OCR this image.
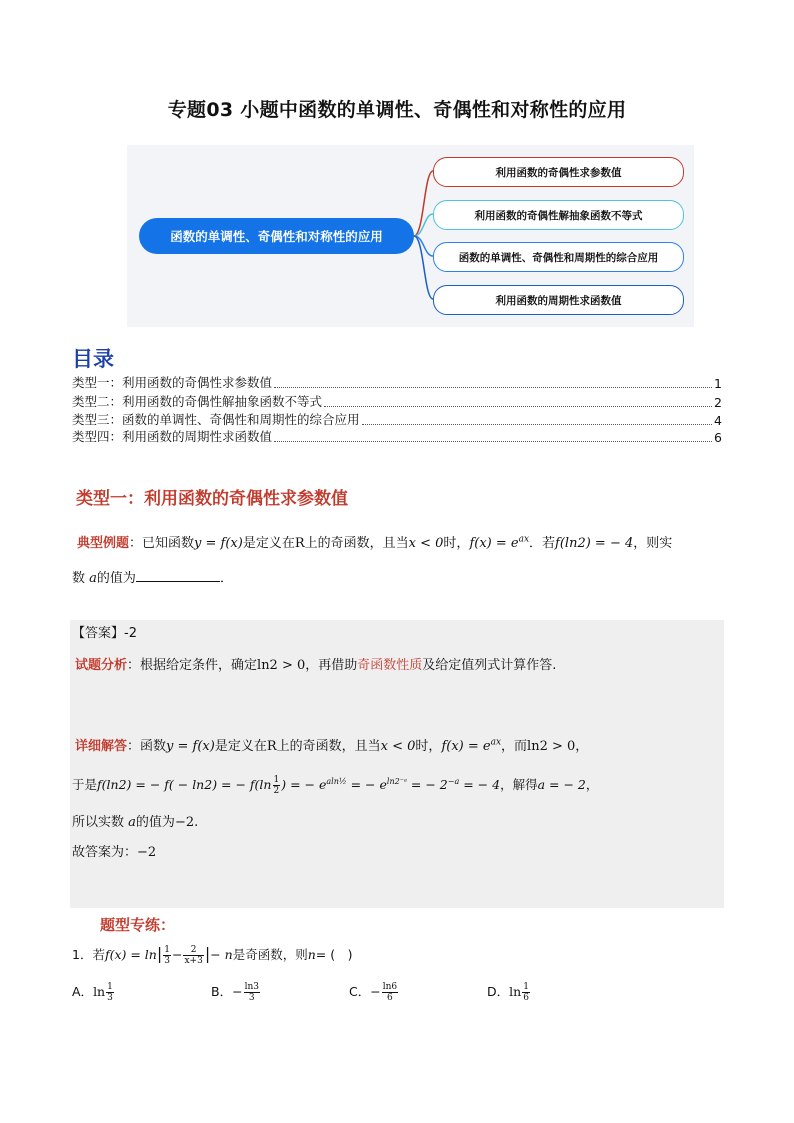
专题03 小题中函数的单调性、奇偶性和对称性的应用
函数的单调性、奇偶性和对称性的应用
利用函数的奇偶性求参数值
利用函数的奇偶性解抽象函数不等式
函数的单调性、奇偶性和周期性的综合应用
利用函数的周期性求函数值
目录
类型一：利用函数的奇偶性求参数值	1
类型二：利用函数的奇偶性解抽象函数不等式	2
类型三：函数的单调性、奇偶性和周期性的综合应用	4
类型四：利用函数的周期性求函数值	6
类型一：利用函数的奇偶性求参数值
典型例题：已知函数y = f(x)是定义在R上的奇函数，且当x < 0时，$f(x) = e^{ax}$．若f(ln2) = − 4，则实
数 a的值为	．
【答案】-2
试题分析：根据给定条件，确定ln2 > 0，再借助奇函数性质及给定值列式计算作答.
详细解答：函数y = f(x)是定义在R上的奇函数，且当x < 0时，$f(x) = e^{ax}$，而ln2 > 0，
于是f(ln2) = − f( − ln2) = − $f(\ln \frac{1}{2}$ ) = − $e^{aln\frac{1}{2}}$ = − $e^{ln2^-ᵃ}$ = − $2^{-a}$ = − 4，解得a = − 2，
所以实数 a的值为−2.
故答案为：−2
题型专练：
1．若$f(x) = \ln| \frac{1}{3} - \frac{2}{x+3}$ |− n是奇函数，则n= (　)
A．$\ln \frac{1}{3}$	B．− $\frac{\ln 3}{3}$	C．− $\frac{\ln 6}{6}$	D．$\ln \frac{1}{6}$
